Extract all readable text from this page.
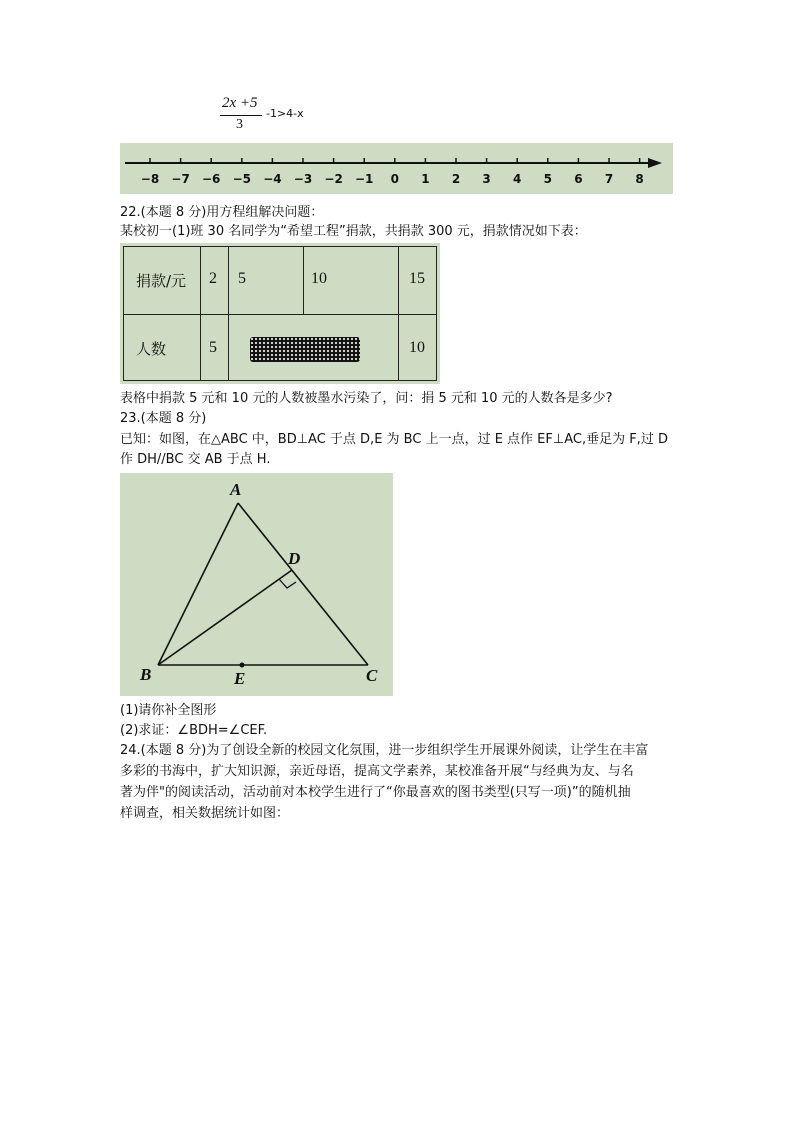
2x +5
3
-1>4-x
−8 −7 −6 −5 −4 −3 −2 −1 0 1 2 3 4 5 6 7 8
22.(本题 8 分)用方程组解决问题：
某校初一(1)班 30 名同学为“希望工程”捐款，共捐款 300 元，捐款情况如下表：
捐款/元 2 5	10	15
人数	5	10
表格中捐款 5 元和 10 元的人数被墨水污染了，问：捐 5 元和 10 元的人数各是多少?
23.(本题 8 分)
已知：如图，在△ABC 中，BD⊥AC 于点 D,E 为 BC 上一点，过 E 点作 EF⊥AC,垂足为 F,过 D
作 DH//BC 交 AB 于点 H.
A
D
B	E	C
(1)请你补全图形
(2)求证：∠BDH=∠CEF.
24.(本题 8 分)为了创设全新的校园文化氛围，进一步组织学生开展课外阅读，让学生在丰富
多彩的书海中，扩大知识源，亲近母语，提高文学素养，某校准备开展“与经典为友、与名
著为伴"的阅读活动，活动前对本校学生进行了“你最喜欢的图书类型(只写一项)”的随机抽
样调查，相关数据统计如图：
